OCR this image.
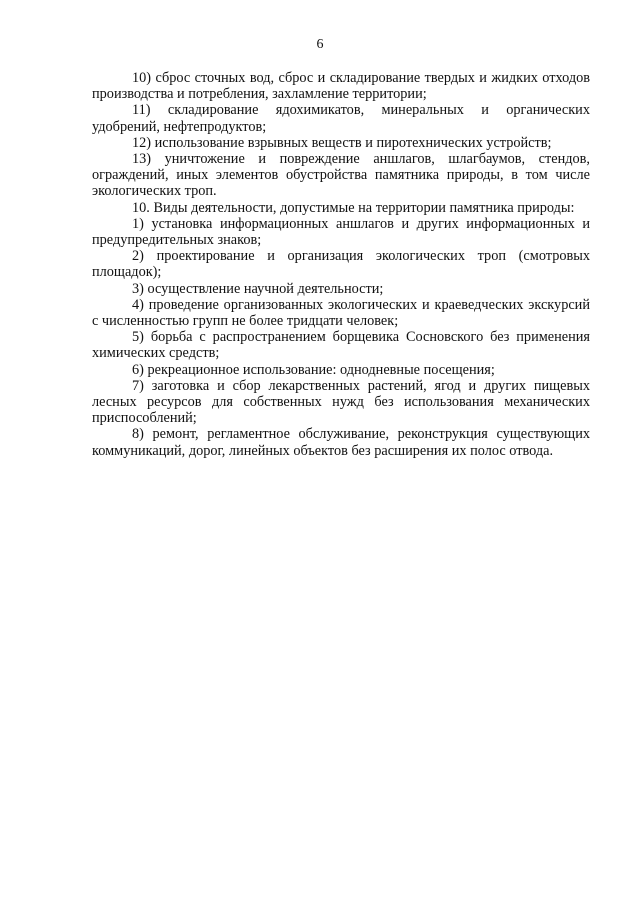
6

10) сброс сточных вод, сброс и складирование твердых и жидких отходов производства и потребления, захламление территории;

11) складирование ядохимикатов, минеральных и органических удобрений, нефтепродуктов;

12) использование взрывных веществ и пиротехнических устройств;

13) уничтожение и повреждение аншлагов, шлагбаумов, стендов, ограждений, иных элементов обустройства памятника природы, в том числе экологических троп.

10. Виды деятельности, допустимые на территории памятника природы:

1) установка информационных аншлагов и других информационных и предупредительных знаков;

2) проектирование и организация экологических троп (смотровых площадок);

3) осуществление научной деятельности;

4) проведение организованных экологических и краеведческих экскурсий с численностью групп не более тридцати человек;

5) борьба с распространением борщевика Сосновского без применения химических средств;

6) рекреационное использование: однодневные посещения;

7) заготовка и сбор лекарственных растений, ягод и других пищевых лесных ресурсов для собственных нужд без использования механических приспособлений;

8) ремонт, регламентное обслуживание, реконструкция существующих коммуникаций, дорог, линейных объектов без расширения их полос отвода.
